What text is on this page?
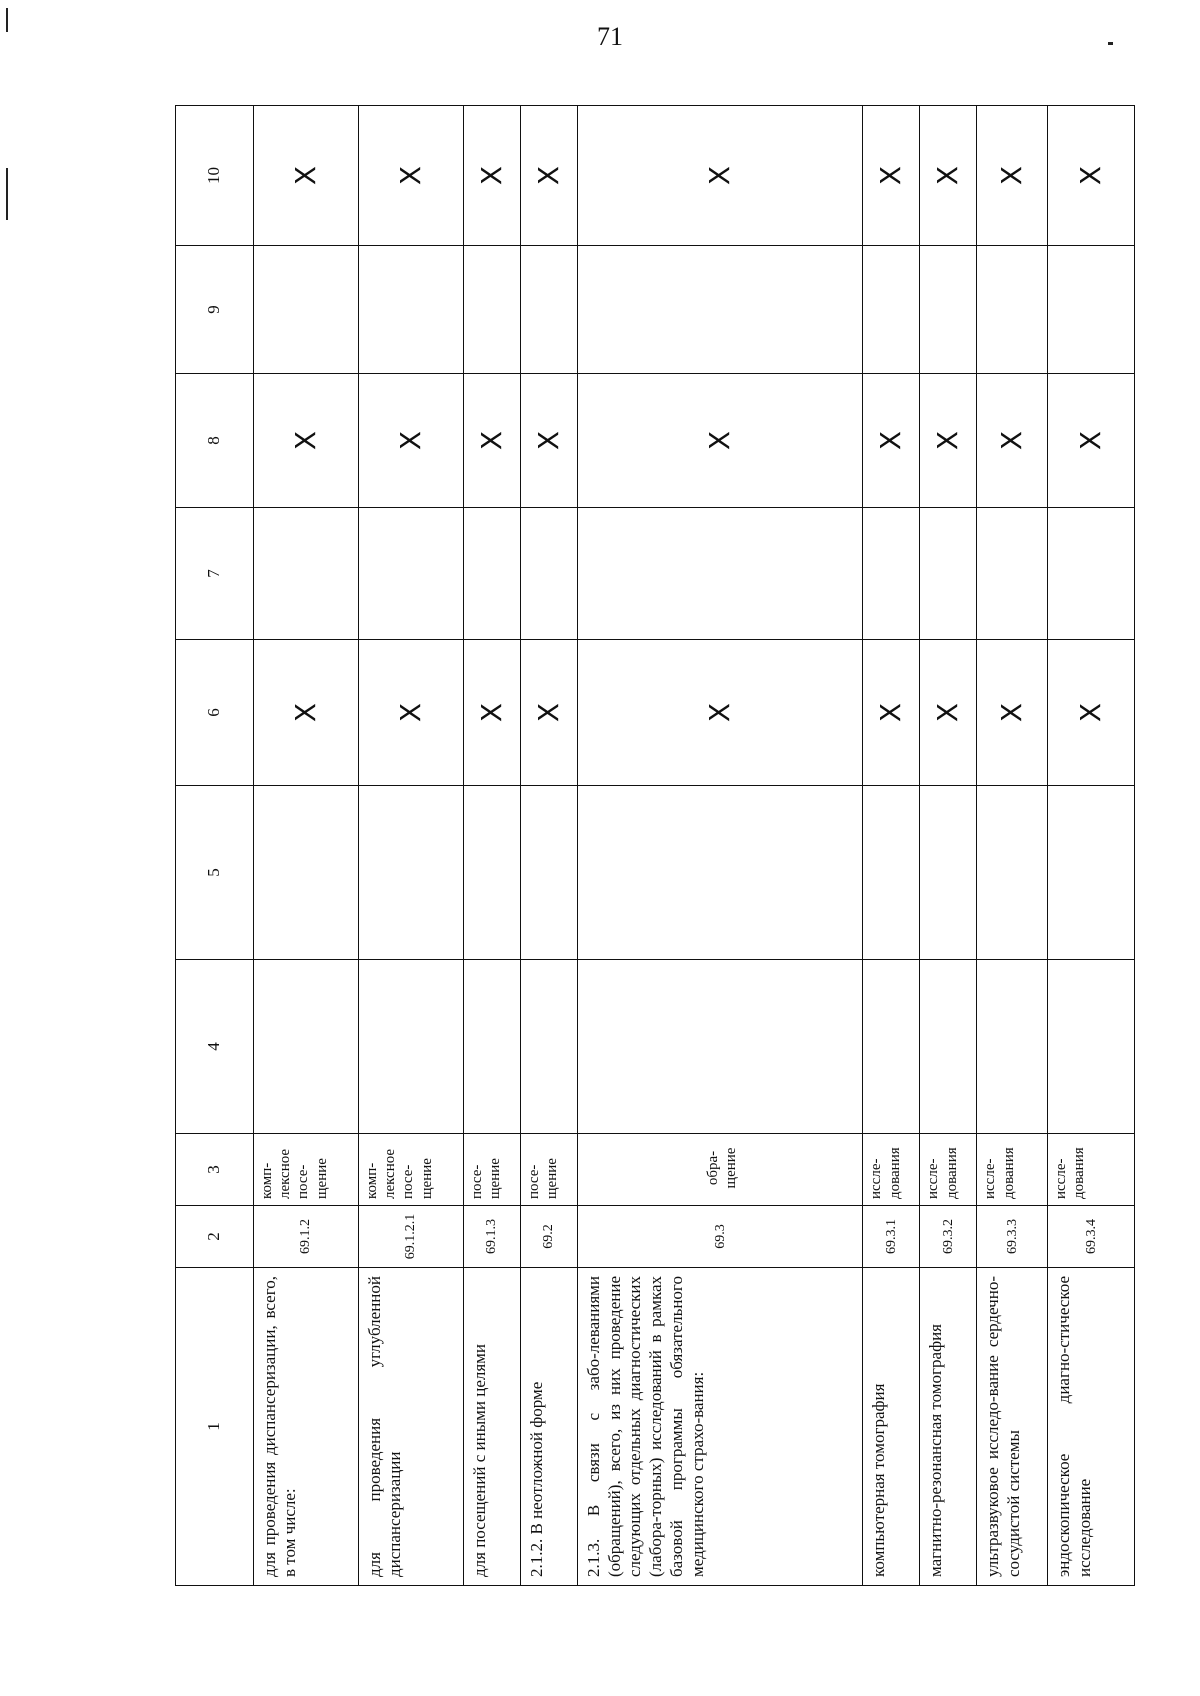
71
1	2	3	4	5	6	7	8	9	10
для проведения диспансеризации, всего, в том числе:	69.1.2	комп-лексное посе-щение			X		X		X
для проведения углубленной диспансеризации	69.1.2.1	комп-лексное посе-щение			X		X		X
для посещений с иными целями	69.1.3	посе-щение			X		X		X
2.1.2. В неотложной форме	69.2	посе-щение			X		X		X
2.1.3. В связи с забо-леваниями (обращений), всего, из них проведение следующих отдельных диагностических (лабора-торных) исследований в рамках базовой программы обязательного медицинского страхо-вания:	69.3	обра-щение			X		X		X
компьютерная томография	69.3.1	иссле-дования			X		X		X
магнитно-резонансная томография	69.3.2	иссле-дования			X		X		X
ультразвуковое исследо-вание сердечно-сосудистой системы	69.3.3	иссле-дования			X		X		X
эндоскопическое диагно-стическое исследование	69.3.4	иссле-дования			X		X		X
